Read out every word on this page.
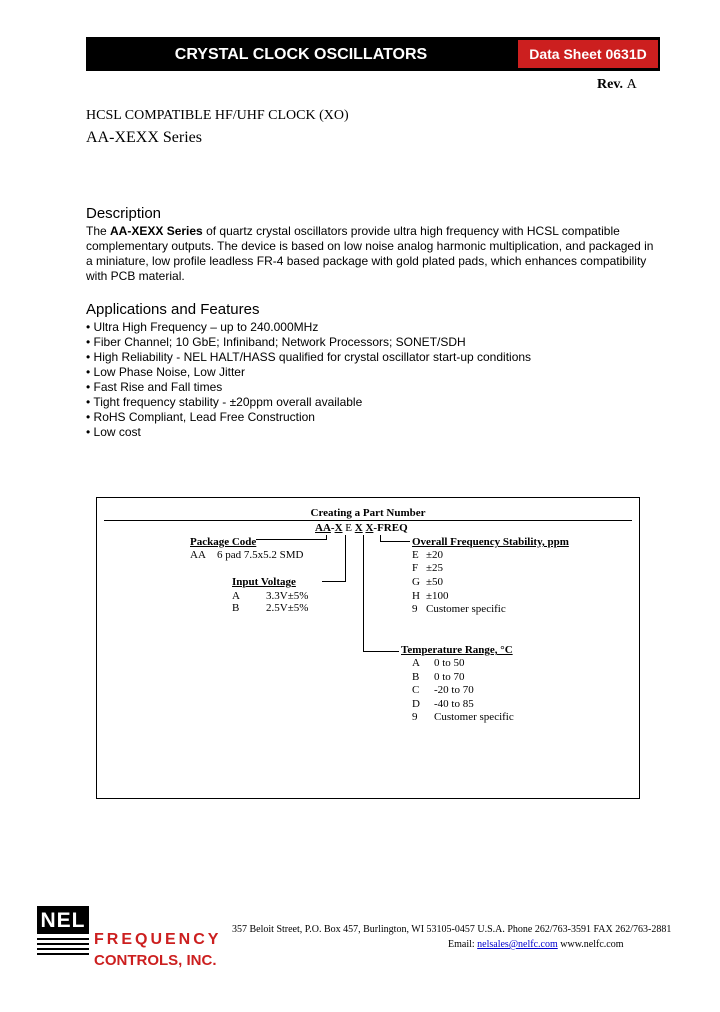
CRYSTAL CLOCK OSCILLATORS	Data Sheet 0631D
Rev. A
HCSL COMPATIBLE HF/UHF CLOCK (XO)
AA-XEXX Series
Description
The AA-XEXX Series of quartz crystal oscillators provide ultra high frequency with HCSL compatible complementary outputs. The device is based on low noise analog harmonic multiplication, and packaged in a miniature, low profile leadless FR-4 based package with gold plated pads, which enhances compatibility with PCB material.
Applications and Features
• Ultra High Frequency – up to 240.000MHz
• Fiber Channel; 10 GbE; Infiniband; Network Processors; SONET/SDH
• High Reliability - NEL HALT/HASS qualified for crystal oscillator start-up conditions
• Low Phase Noise, Low Jitter
• Fast Rise and Fall times
• Tight frequency stability - ±20ppm overall available
• RoHS Compliant, Lead Free Construction
• Low cost
Creating a Part Number
AA-X E X X-FREQ
Package Code
AA 6 pad 7.5x5.2 SMD
Input Voltage
A 3.3V±5%
B 2.5V±5%
Overall Frequency Stability, ppm
E ±20
F ±25
G ±50
H ±100
9 Customer specific
Temperature Range, °C
A 0 to 50
B 0 to 70
C -20 to 70
D -40 to 85
9 Customer specific
NEL
FREQUENCY
CONTROLS, INC.
357 Beloit Street, P.O. Box 457, Burlington, WI 53105-0457 U.S.A. Phone 262/763-3591 FAX 262/763-2881
Email: nelsales@nelfc.com www.nelfc.com
